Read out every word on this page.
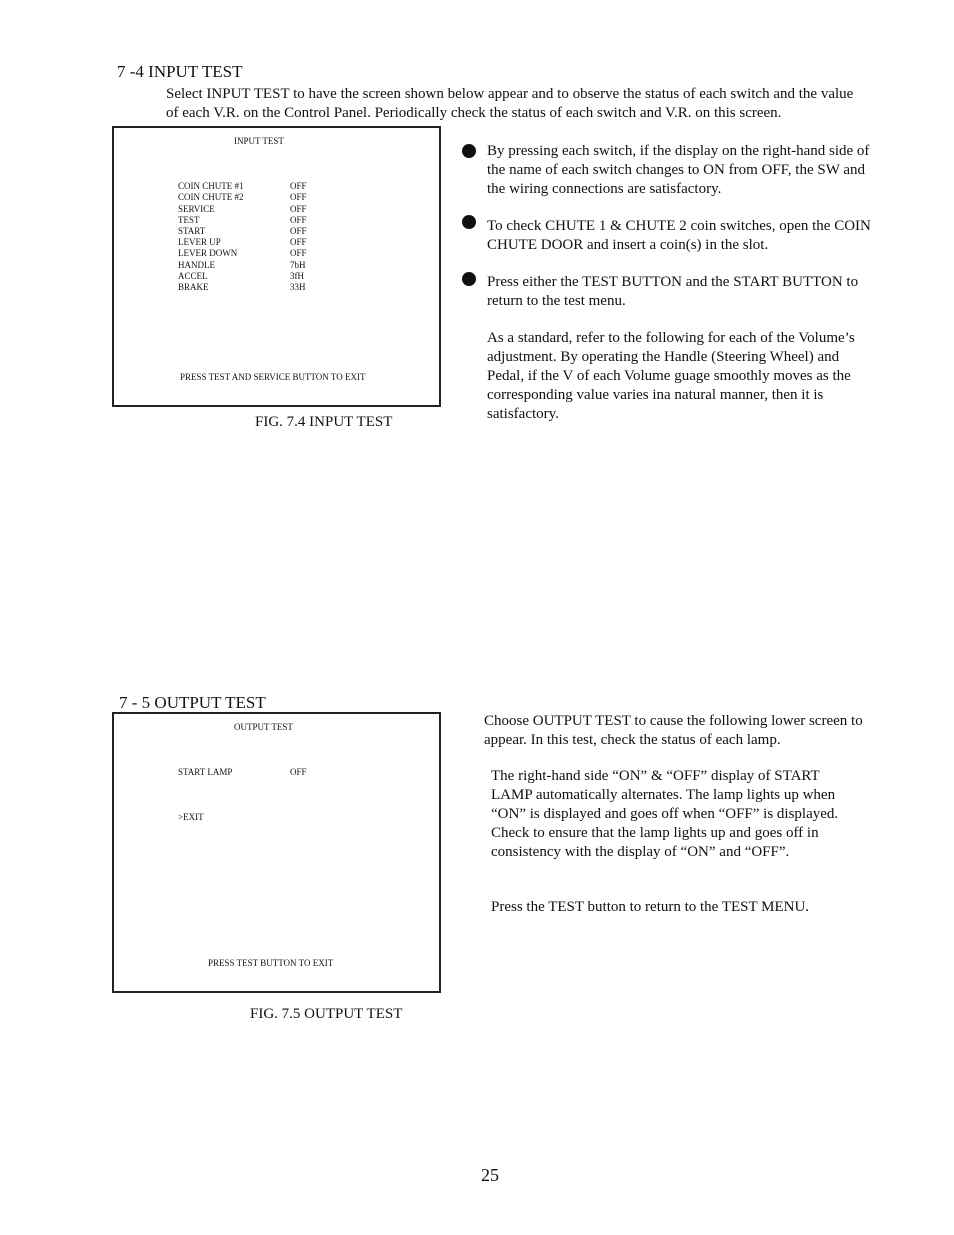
7 -4 INPUT TEST
Select INPUT TEST to have the screen shown below appear and to observe the status of each switch and the value of each V.R. on the Control Panel. Periodically check the status of each switch and V.R. on this screen.
INPUT TEST
COIN CHUTE #1	OFF
COIN CHUTE #2	OFF
SERVICE	OFF
TEST	OFF
START	OFF
LEVER UP	OFF
LEVER DOWN	OFF
HANDLE	7bH
ACCEL	3fH
BRAKE	33H
PRESS TEST AND SERVICE BUTTON TO EXIT
FIG. 7.4 INPUT TEST
By pressing each switch, if the display on the right-hand side of the name of each switch changes to ON from OFF, the SW and the wiring connections are satisfactory.
To check CHUTE 1 & CHUTE 2 coin switches, open the COIN CHUTE DOOR and insert a coin(s) in the slot.
Press either the TEST BUTTON and the START BUTTON to return to the test menu.
As a standard, refer to the following for each of the Volume’s adjustment. By operating the Handle (Steering Wheel) and Pedal, if the V of each Volume guage smoothly moves as the corresponding value varies ina natural manner, then it is satisfactory.
7 - 5 OUTPUT TEST
OUTPUT TEST
START LAMP	OFF
>EXIT
PRESS TEST BUTTON TO EXIT
FIG. 7.5 OUTPUT TEST
Choose OUTPUT TEST to cause the following lower screen to appear. In this test, check the status of each lamp.
The right-hand side “ON” & “OFF” display of START LAMP automatically alternates. The lamp lights up when “ON” is displayed and goes off when “OFF” is displayed. Check to ensure that the lamp lights up and goes off in consistency with the display of “ON” and “OFF”.
Press the TEST button to return to the TEST MENU.
25
